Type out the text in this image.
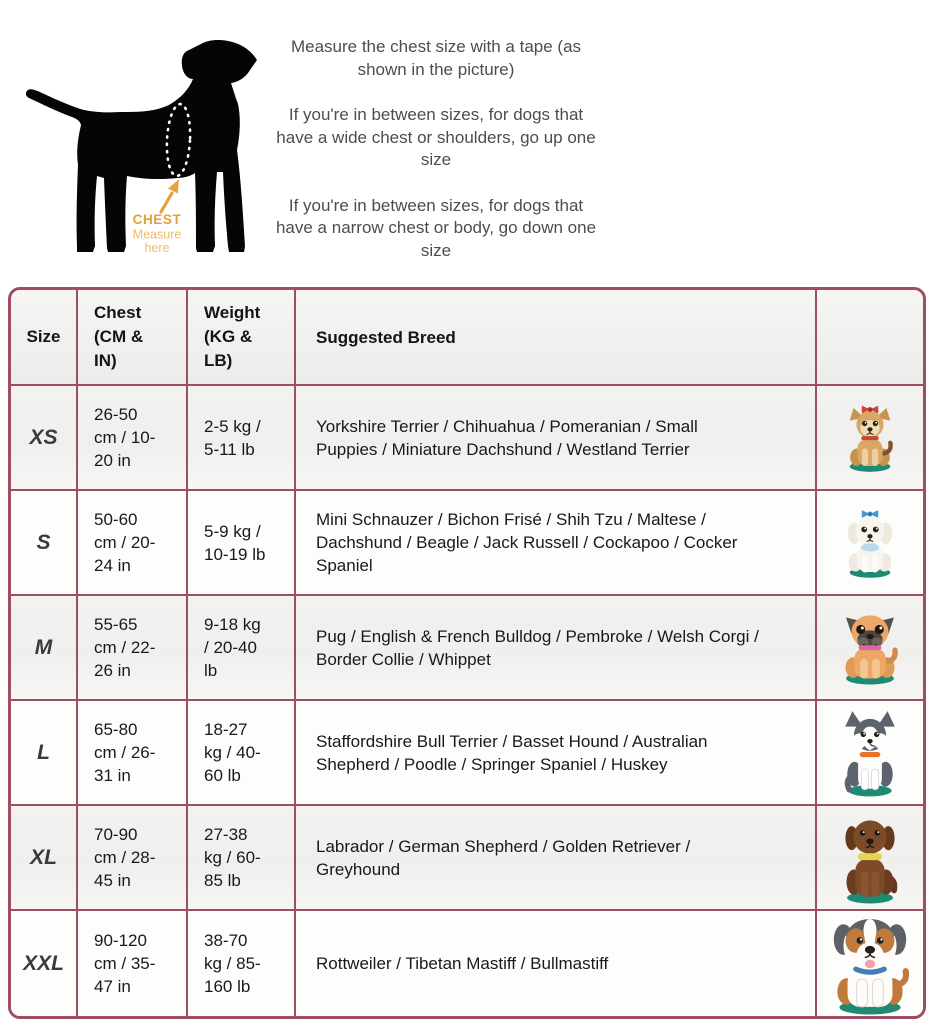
CHEST
Measure
here

Measure the chest size with a tape (as shown in the picture)

If you're in between sizes, for dogs that have a wide chest or shoulders, go up one size

If you're in between sizes, for dogs that have a narrow chest or body, go down one size

Size
Chest (CM & IN)
Weight (KG & LB)
Suggested Breed
XS
26-50 cm / 10-20 in
2-5 kg / 5-11 lb
Yorkshire Terrier / Chihuahua / Pomeranian / Small Puppies / Miniature Dachshund / Westland Terrier
S
50-60 cm / 20-24 in
5-9 kg / 10-19 lb
Mini Schnauzer / Bichon Frisé / Shih Tzu / Maltese / Dachshund / Beagle / Jack Russell / Cockapoo / Cocker Spaniel
M
55-65 cm / 22-26 in
9-18 kg / 20-40 lb
Pug / English & French Bulldog / Pembroke / Welsh Corgi / Border Collie / Whippet
L
65-80 cm / 26-31 in
18-27 kg / 40-60 lb
Staffordshire Bull Terrier / Basset Hound / Australian Shepherd / Poodle / Springer Spaniel / Huskey
XL
70-90 cm / 28-45 in
27-38 kg / 60-85 lb
Labrador / German Shepherd / Golden Retriever / Greyhound
XXL
90-120 cm / 35-47 in
38-70 kg / 85-160 lb
Rottweiler / Tibetan Mastiff / Bullmastiff
